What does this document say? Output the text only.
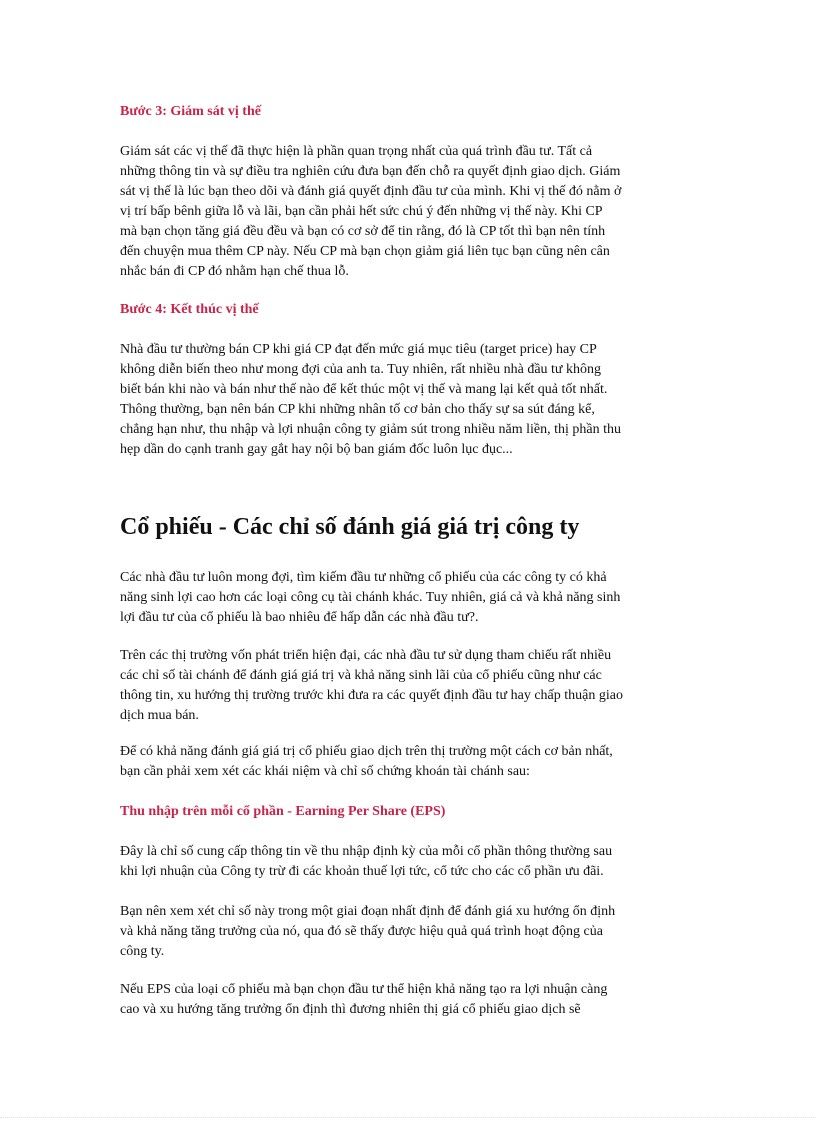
Bước 3: Giám sát vị thế

Giám sát các vị thế đã thực hiện là phần quan trọng nhất của quá trình đầu tư. Tất cả
những thông tin và sự điều tra nghiên cứu đưa bạn đến chỗ ra quyết định giao dịch. Giám
sát vị thế là lúc bạn theo dõi và đánh giá quyết định đầu tư của mình. Khi vị thế đó nằm ở
vị trí bấp bênh giữa lỗ và lãi, bạn cần phải hết sức chú ý đến những vị thế này. Khi CP
mà bạn chọn tăng giá đều đều và bạn có cơ sở để tin rằng, đó là CP tốt thì bạn nên tính
đến chuyện mua thêm CP này. Nếu CP mà bạn chọn giảm giá liên tục bạn cũng nên cân
nhắc bán đi CP đó nhằm hạn chế thua lỗ.

Bước 4: Kết thúc vị thế

Nhà đầu tư thường bán CP khi giá CP đạt đến mức giá mục tiêu (target price) hay CP
không diễn biến theo như mong đợi của anh ta. Tuy nhiên, rất nhiều nhà đầu tư không
biết bán khi nào và bán như thế nào để kết thúc một vị thế và mang lại kết quả tốt nhất.
Thông thường, bạn nên bán CP khi những nhân tố cơ bản cho thấy sự sa sút đáng kể,
chẳng hạn như, thu nhập và lợi nhuận công ty giảm sút trong nhiều năm liền, thị phần thu
hẹp dần do cạnh tranh gay gắt hay nội bộ ban giám đốc luôn lục đục...

Cổ phiếu - Các chỉ số đánh giá giá trị công ty

Các nhà đầu tư luôn mong đợi, tìm kiếm đầu tư những cổ phiếu của các công ty có khả
năng sinh lợi cao hơn các loại công cụ tài chánh khác. Tuy nhiên, giá cả và khả năng sinh
lợi đầu tư của cổ phiếu là bao nhiêu để hấp dẫn các nhà đầu tư?.

Trên các thị trường vốn phát triển hiện đại, các nhà đầu tư sử dụng tham chiếu rất nhiều
các chỉ số tài chánh để đánh giá giá trị và khả năng sinh lãi của cổ phiếu cũng như các
thông tin, xu hướng thị trường trước khi đưa ra các quyết định đầu tư hay chấp thuận giao
dịch mua bán.

Để có khả năng đánh giá giá trị cổ phiếu giao dịch trên thị trường một cách cơ bản nhất,
bạn cần phải xem xét các khái niệm và chỉ số chứng khoán tài chánh sau:

Thu nhập trên mỗi cổ phần - Earning Per Share (EPS)

Đây là chỉ số cung cấp thông tin về thu nhập định kỳ của mỗi cổ phần thông thường sau
khi lợi nhuận của Công ty trừ đi các khoản thuế lợi tức, cổ tức cho các cổ phần ưu đãi.

Bạn nên xem xét chỉ số này trong một giai đoạn nhất định để đánh giá xu hướng ổn định
và khả năng tăng trưởng của nó, qua đó sẽ thấy được hiệu quả quá trình hoạt động của
công ty.

Nếu EPS của loại cổ phiếu mà bạn chọn đầu tư thể hiện khả năng tạo ra lợi nhuận càng
cao và xu hướng tăng trưởng ổn định thì đương nhiên thị giá cổ phiếu giao dịch sẽ
